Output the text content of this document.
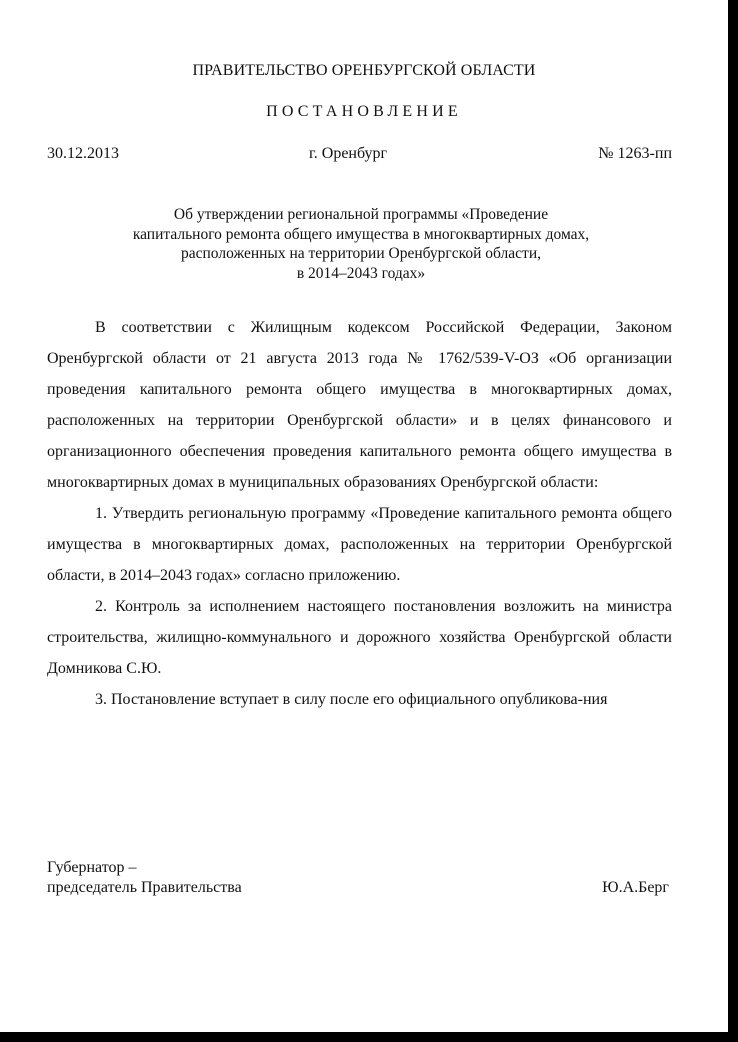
ПРАВИТЕЛЬСТВО ОРЕНБУРГСКОЙ ОБЛАСТИ
ПОСТАНОВЛЕНИЕ
30.12.2013	г. Оренбург	№ 1263-пп
Об утверждении региональной программы «Проведение
капитального ремонта общего имущества в многоквартирных домах,
расположенных на территории Оренбургской области,
в 2014–2043 годах»

В соответствии с Жилищным кодексом Российской Федерации, Законом Оренбургской области от 21 августа 2013 года № 1762/539-V-ОЗ «Об организации проведения капитального ремонта общего имущества в многоквартирных домах, расположенных на территории Оренбургской области» и в целях финансового и организационного обеспечения проведения капитального ремонта общего имущества в многоквартирных домах в муниципальных образованиях Оренбургской области:

1. Утвердить региональную программу «Проведение капитального ремонта общего имущества в многоквартирных домах, расположенных на территории Оренбургской области, в 2014–2043 годах» согласно приложению.

2. Контроль за исполнением настоящего постановления возложить на министра строительства, жилищно-коммунального и дорожного хозяйства Оренбургской области Домникова С.Ю.

3. Постановление вступает в силу после его официального опубликова-ния

Губернатор –
председатель Правительства	Ю.А.Берг
